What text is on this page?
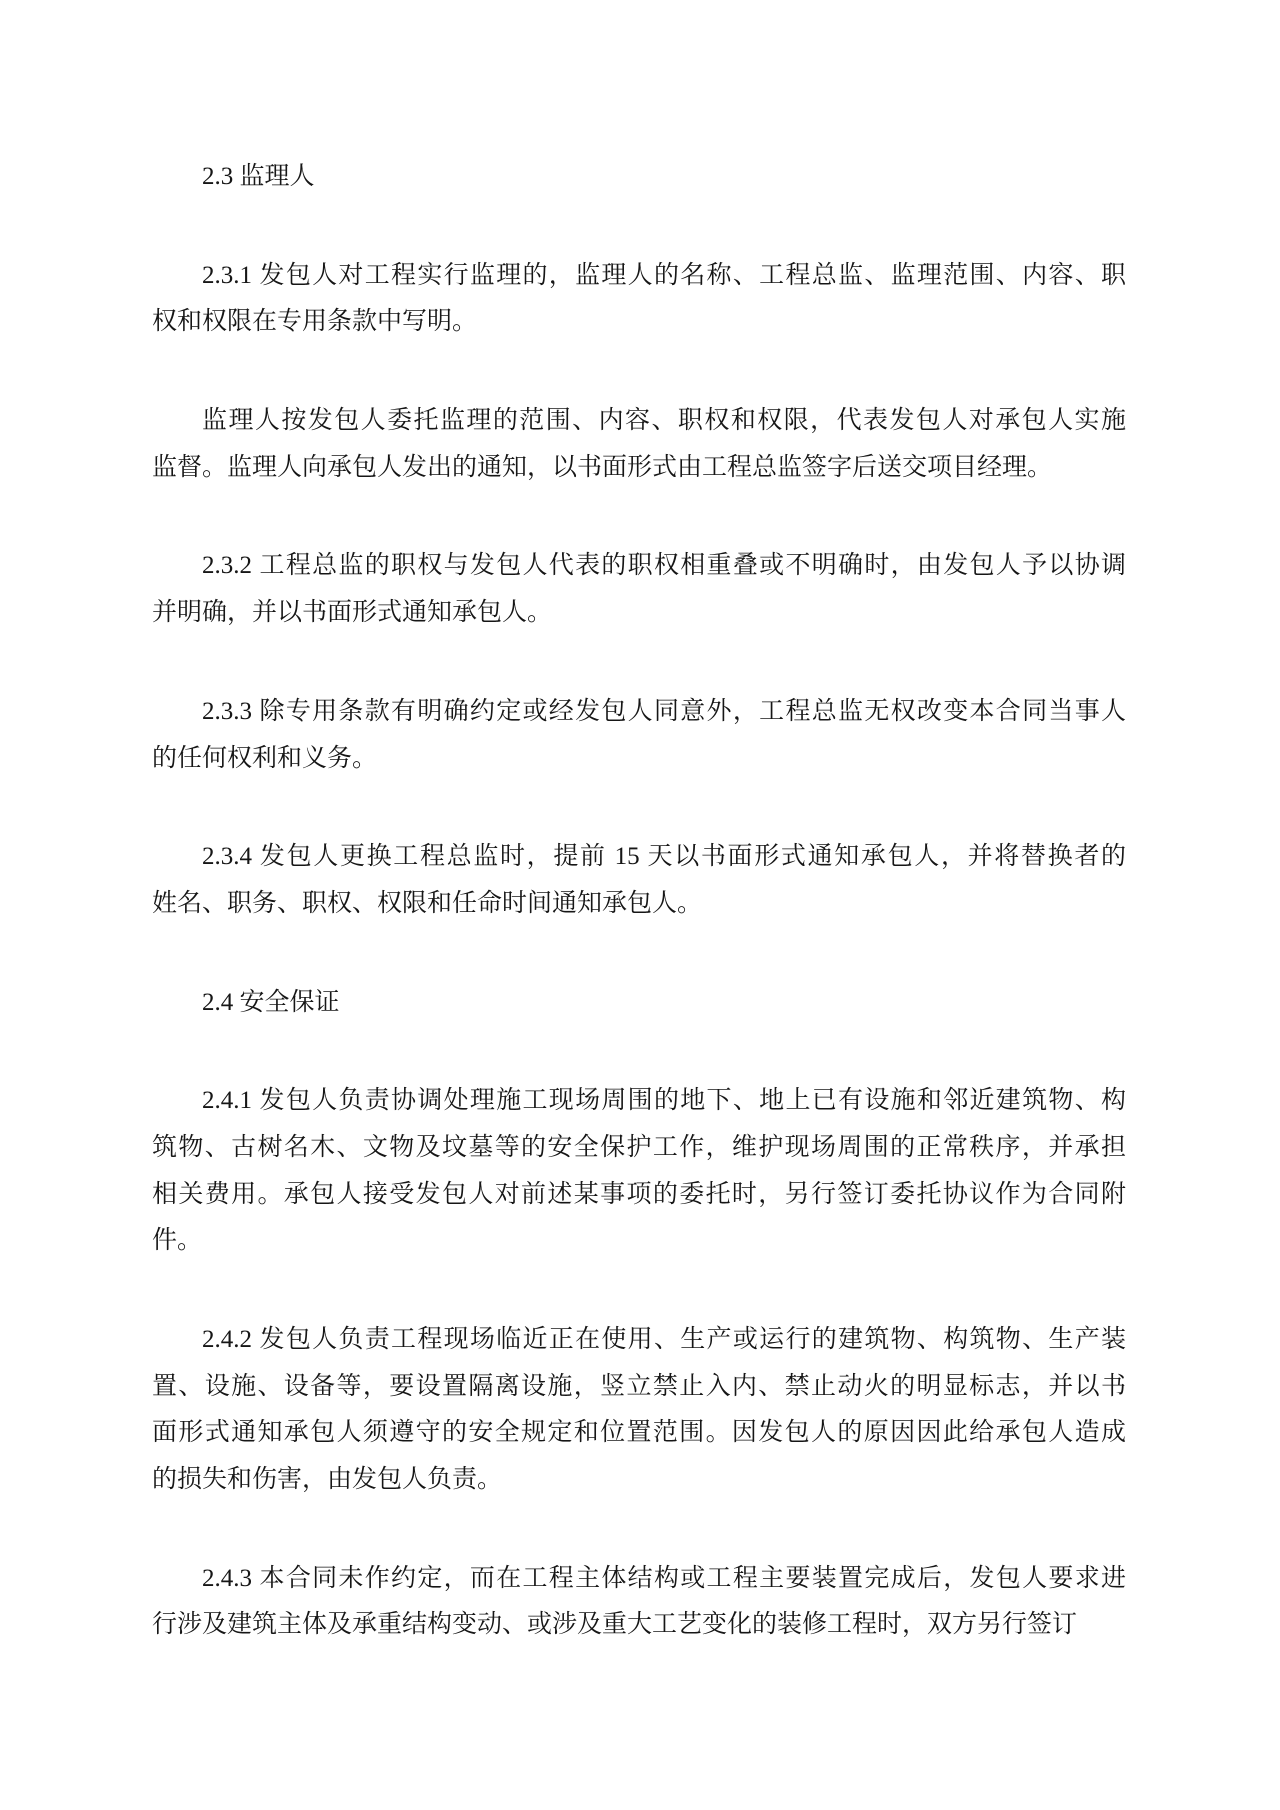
2.3 监理人
2.3.1 发包人对工程实行监理的，监理人的名称、工程总监、监理范围、内容、职
权和权限在专用条款中写明。
监理人按发包人委托监理的范围、内容、职权和权限，代表发包人对承包人实施
监督。监理人向承包人发出的通知，以书面形式由工程总监签字后送交项目经理。
2.3.2 工程总监的职权与发包人代表的职权相重叠或不明确时，由发包人予以协调
并明确，并以书面形式通知承包人。
2.3.3 除专用条款有明确约定或经发包人同意外，工程总监无权改变本合同当事人
的任何权利和义务。
2.3.4 发包人更换工程总监时，提前 15 天以书面形式通知承包人，并将替换者的
姓名、职务、职权、权限和任命时间通知承包人。
2.4 安全保证
2.4.1 发包人负责协调处理施工现场周围的地下、地上已有设施和邻近建筑物、构
筑物、古树名木、文物及坟墓等的安全保护工作，维护现场周围的正常秩序，并承担
相关费用。承包人接受发包人对前述某事项的委托时，另行签订委托协议作为合同附
件。
2.4.2 发包人负责工程现场临近正在使用、生产或运行的建筑物、构筑物、生产装
置、设施、设备等，要设置隔离设施，竖立禁止入内、禁止动火的明显标志，并以书
面形式通知承包人须遵守的安全规定和位置范围。因发包人的原因因此给承包人造成
的损失和伤害，由发包人负责。
2.4.3 本合同未作约定，而在工程主体结构或工程主要装置完成后，发包人要求进
行涉及建筑主体及承重结构变动、或涉及重大工艺变化的装修工程时，双方另行签订
